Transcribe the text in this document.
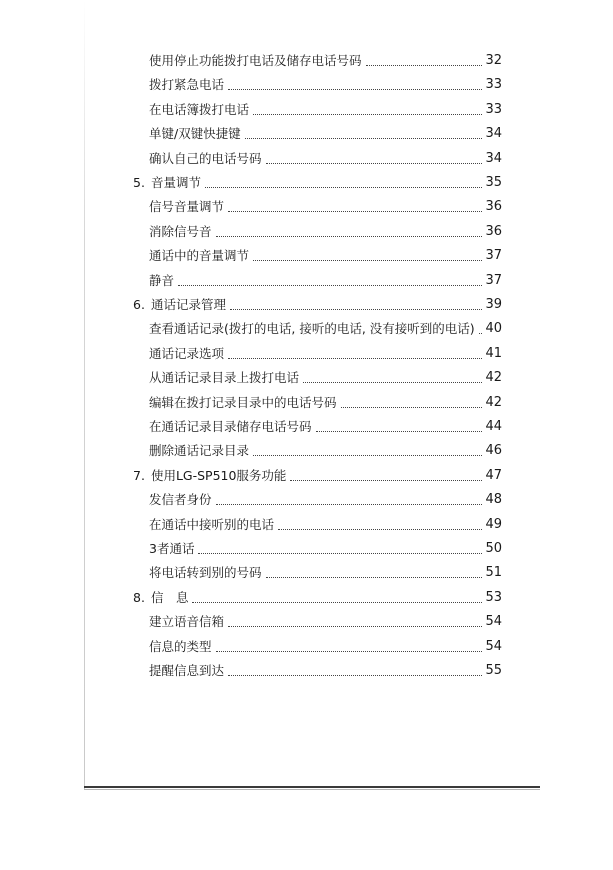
使用停止功能拨打电话及储存电话号码	32
拨打紧急电话	33
在电话簿拨打电话	33
单键/双键快捷键	34
确认自己的电话号码	34
5. 音量调节	35
信号音量调节	36
消除信号音	36
通话中的音量调节	37
静音	37
6. 通话记录管理	39
查看通话记录(拨打的电话, 接听的电话, 没有接听到的电话) 40
通话记录选项	41
从通话记录目录上拨打电话	42
编辑在拨打记录目录中的电话号码	42
在通话记录目录储存电话号码	44
删除通话记录目录	46
7. 使用LG-SP510服务功能	47
发信者身份	48
在通话中接听别的电话	49
3者通话	50
将电话转到别的号码	51
8. 信　息	53
建立语音信箱	54
信息的类型	54
提醒信息到达	55
